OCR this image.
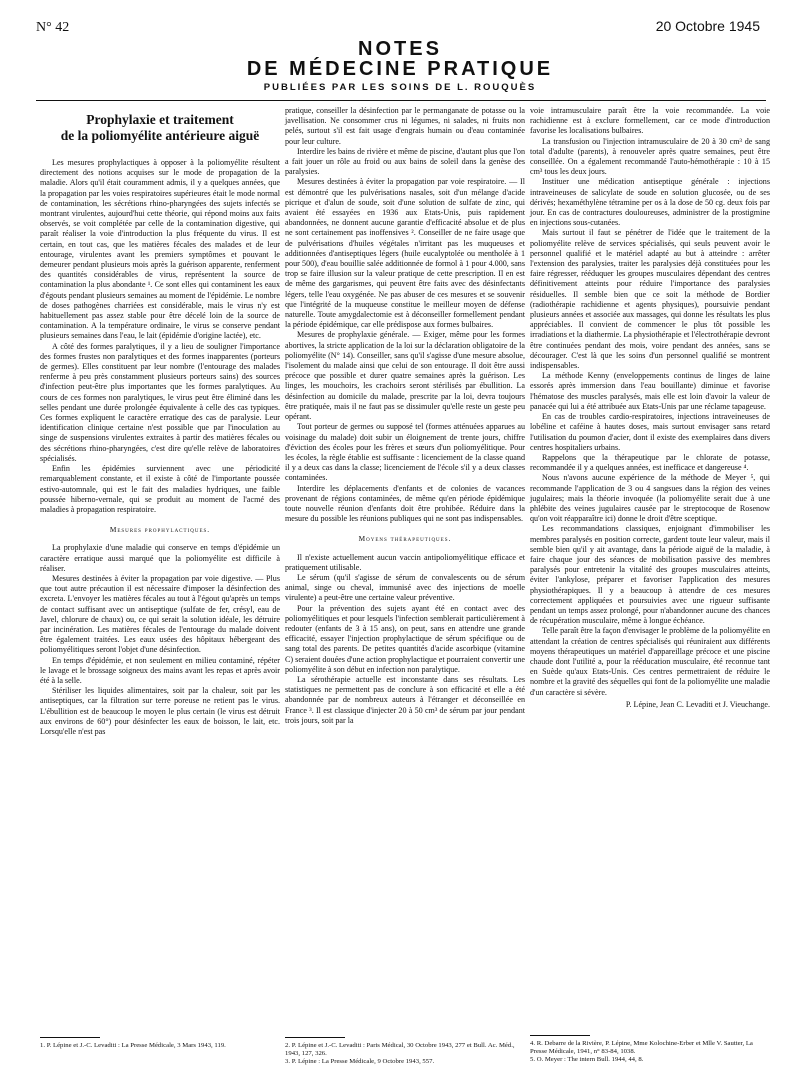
N° 42	20 Octobre 1945
NOTES
DE MÉDECINE PRATIQUE
PUBLIÉES PAR LES SOINS DE L. ROUQUÈS
Prophylaxie et traitement
de la poliomyélite antérieure aiguë

Les mesures prophylactiques à opposer à la poliomyélite résultent directement des notions acquises sur le mode de propagation de la maladie. Alors qu'il était couramment admis, il y a quelques années, que la propagation par les voies respiratoires supérieures était le mode normal de contamination, les sécrétions rhino-pharyngées des sujets infectés se montrant virulentes, aujourd'hui cette théorie, qui répond moins aux faits observés, se voit complétée par celle de la contamination digestive, qui paraît réaliser la voie d'introduction la plus fréquente du virus. Il est certain, en tout cas, que les matières fécales des malades et de leur entourage, virulentes avant les premiers symptômes et pouvant le demeurer pendant plusieurs mois après la guérison apparente, renferment des quantités considérables de virus, représentent la source de contamination la plus abondante ¹. Ce sont elles qui contaminent les eaux d'égouts pendant plusieurs semaines au moment de l'épidémie. Le nombre de doses pathogènes charriées est considérable, mais le virus n'y est habituellement pas assez stable pour être décelé loin de la source de contamination. A la température ordinaire, le virus se conserve pendant plusieurs semaines dans l'eau, le lait (épidémie d'origine lactée), etc.

A côté des formes paralytiques, il y a lieu de souligner l'importance des formes frustes non paralytiques et des formes inapparentes (porteurs de germes). Elles constituent par leur nombre (l'entourage des malades renferme à peu près constamment plusieurs porteurs sains) des sources d'infection peut-être plus importantes que les formes paralytiques. Au cours de ces formes non paralytiques, le virus peut être éliminé dans les selles pendant une durée prolongée équivalente à celle des cas typiques. Ces formes expliquent le caractère erratique des cas de paralysie. Leur identification clinique certaine n'est possible que par l'inoculation au singe de suspensions virulentes extraites à partir des matières fécales ou des sécrétions rhino-pharyngées, c'est dire qu'elle relève de laboratoires spécialisés.

Enfin les épidémies surviennent avec une périodicité remarquablement constante, et il existe à côté de l'importante poussée estivo-automnale, qui est le fait des maladies hydriques, une faible poussée hiberno-vernale, qui se produit au moment de l'acmé des maladies à propagation respiratoire.

Mesures prophylactiques.

La prophylaxie d'une maladie qui conserve en temps d'épidémie un caractère erratique aussi marqué que la poliomyélite est difficile à réaliser.

Mesures destinées à éviter la propagation par voie digestive. — Plus que tout autre précaution il est nécessaire d'imposer la désinfection des excreta. L'envoyer les matières fécales au tout à l'égout qu'après un temps de contact suffisant avec un antiseptique (sulfate de fer, crésyl, eau de Javel, chlorure de chaux) ou, ce qui serait la solution idéale, les détruire par incinération. Les matières fécales de l'entourage du malade doivent être également traitées. Les eaux usées des hôpitaux hébergeant des poliomyélitiques seront l'objet d'une désinfection.

En temps d'épidémie, et non seulement en milieu contaminé, répéter le lavage et le brossage soigneux des mains avant les repas et après avoir été à la selle.

Stériliser les liquides alimentaires, soit par la chaleur, soit par les antiseptiques, car la filtration sur terre poreuse ne retient pas le virus. L'ébullition est de beaucoup le moyen le plus certain (le virus est détruit aux environs de 60°) pour désinfecter les eaux de boisson, le lait, etc. Lorsqu'elle n'est pas

pratique, conseiller la désinfection par le permanganate de potasse ou la javellisation. Ne consommer crus ni légumes, ni salades, ni fruits non pelés, surtout s'il est fait usage d'engrais humain ou d'eau contaminée pour leur culture.

Interdire les bains de rivière et même de piscine, d'autant plus que l'on a fait jouer un rôle au froid ou aux bains de soleil dans la genèse des paralysies.

Mesures destinées à éviter la propagation par voie respiratoire. — Il est démontré que les pulvérisations nasales, soit d'un mélange d'acide picrique et d'alun de soude, soit d'une solution de sulfate de zinc, qui avaient été essayées en 1936 aux Etats-Unis, puis rapidement abandonnées, ne donnent aucune garantie d'efficacité absolue et de plus ne sont certainement pas inoffensives ². Conseiller de ne faire usage que de pulvérisations d'huiles végétales n'irritant pas les muqueuses et additionnées d'antiseptiques légers (huile eucalyptolée ou mentholée à 1 pour 500), d'eau bouillie salée additionnée de formol à 1 pour 4.000, sans trop se faire illusion sur la valeur pratique de cette prescription. Il en est de même des gargarismes, qui peuvent être faits avec des désinfectants légers, telle l'eau oxygénée. Ne pas abuser de ces mesures et se souvenir que l'intégrité de la muqueuse constitue le meilleur moyen de défense naturelle. Toute amygdalectomie est à déconseiller formellement pendant la période épidémique, car elle prédispose aux formes bulbaires.

Mesures de prophylaxie générale. — Exiger, même pour les formes abortives, la stricte application de la loi sur la déclaration obligatoire de la poliomyélite (N° 14). Conseiller, sans qu'il s'agisse d'une mesure absolue, l'isolement du malade ainsi que celui de son entourage. Il doit être aussi précoce que possible et durer quatre semaines après la guérison. Les linges, les mouchoirs, les crachoirs seront stérilisés par ébullition. La désinfection au domicile du malade, prescrite par la loi, devra toujours être pratiquée, mais il ne faut pas se dissimuler qu'elle reste un geste peu opérant.

Tout porteur de germes ou supposé tel (formes atténuées apparues au voisinage du malade) doit subir un éloignement de trente jours, chiffre d'éviction des écoles pour les frères et sœurs d'un poliomyélitique. Pour les écoles, la règle établie est suffisante : licenciement de la classe quand il y a deux cas dans la classe; licenciement de l'école s'il y a deux classes contaminées.

Interdire les déplacements d'enfants et de colonies de vacances provenant de régions contaminées, de même qu'en période épidémique toute nouvelle réunion d'enfants doit être prohibée. Réduire dans la mesure du possible les réunions publiques qui ne sont pas indispensables.

Moyens thérapeutiques.

Il n'existe actuellement aucun vaccin antipoliomyélitique efficace et pratiquement utilisable.

Le sérum (qu'il s'agisse de sérum de convalescents ou de sérum animal, singe ou cheval, immunisé avec des injections de moelle virulente) a peut-être une certaine valeur préventive.

Pour la prévention des sujets ayant été en contact avec des poliomyélitiques et pour lesquels l'infection semblerait particulièrement à redouter (enfants de 3 à 15 ans), on peut, sans en attendre une grande efficacité, essayer l'injection prophylactique de sérum spécifique ou de sang total des parents. De petites quantités d'acide ascorbique (vitamine C) seraient douées d'une action prophylactique et pourraient convertir une poliomyélite à son début en infection non paralytique.

La sérothérapie actuelle est inconstante dans ses résultats. Les statistiques ne permettent pas de conclure à son efficacité et elle a été abandonnée par de nombreux auteurs à l'étranger et déconseillée en France ³. Il est classique d'injecter 20 à 50 cm³ de sérum par jour pendant trois jours, soit par la

voie intramusculaire paraît être la voie recommandée. La voie rachidienne est à exclure formellement, car ce mode d'introduction favorise les localisations bulbaires.

La transfusion ou l'injection intramusculaire de 20 à 30 cm³ de sang total d'adulte (parents), à renouveler après quatre semaines, peut être conseillée. On a également recommandé l'auto-hémothérapie : 10 à 15 cm³ tous les deux jours.

Instituer une médication antiseptique générale : injections intraveineuses de salicylate de soude en solution glucosée, ou de ses dérivés; hexaméthylène tétramine per os à la dose de 50 cg. deux fois par jour. En cas de contractures douloureuses, administrer de la prostigmine en injections sous-cutanées.

Mais surtout il faut se pénétrer de l'idée que le traitement de la poliomyélite relève de services spécialisés, qui seuls peuvent avoir le personnel qualifié et le matériel adapté au but à atteindre : arrêter l'extension des paralysies, traiter les paralysies déjà constituées pour les faire régresser, rééduquer les groupes musculaires dépendant des centres définitivement atteints pour réduire l'importance des paralysies résiduelles. Il semble bien que ce soit la méthode de Bordier (radiothérapie rachidienne et agents physiques), poursuivie pendant plusieurs années et associée aux massages, qui donne les résultats les plus appréciables. Il convient de commencer le plus tôt possible les irradiations et la diathermie. La physiothérapie et l'électrothérapie devront être continuées pendant des mois, voire pendant des années, sans se décourager. C'est là que les soins d'un personnel qualifié se montrent indispensables.

La méthode Kenny (enveloppements continus de linges de laine essorés après immersion dans l'eau bouillante) diminue et favorise l'hématose des muscles paralysés, mais elle est loin d'avoir la valeur de panacée qui lui a été attribuée aux Etats-Unis par une réclame tapageuse.

En cas de troubles cardio-respiratoires, injections intraveineuses de lobéline et caféine à hautes doses, mais surtout envisager sans retard l'utilisation du poumon d'acier, dont il existe des exemplaires dans divers centres hospitaliers urbains.

Rappelons que la thérapeutique par le chlorate de potasse, recommandée il y a quelques années, est inefficace et dangereuse ⁴.

Nous n'avons aucune expérience de la méthode de Meyer ⁵, qui recommande l'application de 3 ou 4 sangsues dans la région des veines jugulaires; mais la théorie invoquée (la poliomyélite serait due à une phlébite des veines jugulaires causée par le streptocoque de Rosenow qu'on voit réapparaître ici) donne le droit d'être sceptique.

Les recommandations classiques, enjoignant d'immobiliser les membres paralysés en position correcte, gardent toute leur valeur, mais il semble bien qu'il y ait avantage, dans la période aiguë de la maladie, à faire chaque jour des séances de mobilisation passive des membres paralysés pour entretenir la vitalité des groupes musculaires atteints, éviter l'ankylose, préparer et favoriser l'application des mesures physiothérapiques. Il y a beaucoup à attendre de ces mesures correctement appliquées et poursuivies avec une rigueur suffisante pendant un temps assez prolongé, pour n'abandonner aucune des chances de récupération musculaire, même à longue échéance.

Telle paraît être la façon d'envisager le problème de la poliomyélite en attendant la création de centres spécialisés qui réuniraient aux différents moyens thérapeutiques un matériel d'appareillage précoce et une piscine chaude dont l'utilité a, pour la rééducation musculaire, été reconnue tant en Suède qu'aux Etats-Unis. Ces centres permettraient de réduire le nombre et la gravité des séquelles qui font de la poliomyélite une maladie d'un caractère si sévère.

P. Lépine, Jean C. Levaditi et J. Vieuchange.
1. P. Lépine et J.-C. Levaditi : La Presse Médicale, 3 Mars 1943, 119.	2. P. Lépine et J.-C. Levaditi : Paris Médical, 30 Octobre 1943, 277 et Bull. Ac. Méd., 1943, 127, 326.
3. P. Lépine : La Presse Médicale, 9 Octobre 1943, 557.
4. R. Debarre de la Rivière, P. Lépine, Mme Kolochine-Erber et Mlle V. Sautter, La Presse Médicale, 1941, n° 83-84, 1038.
5. O. Meyer : The intern Bull. 1944, 44, 8.
